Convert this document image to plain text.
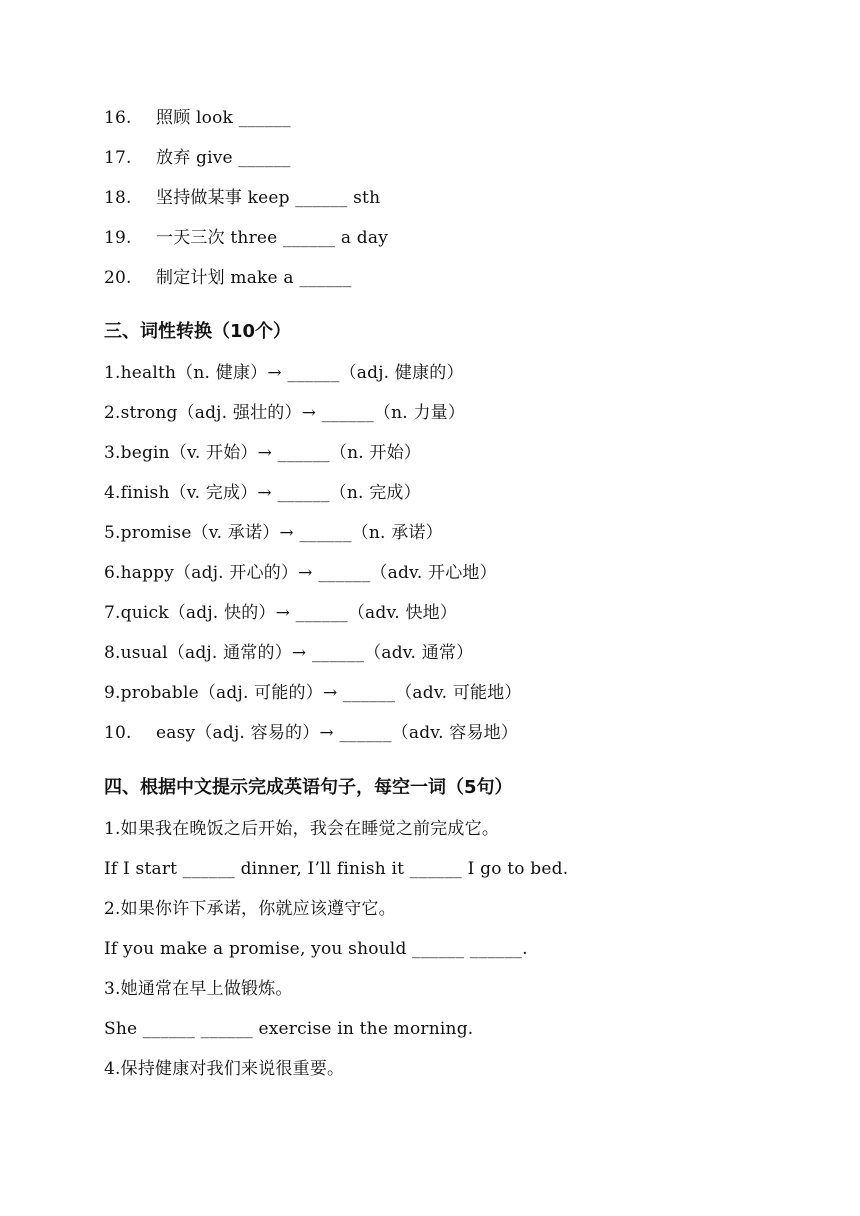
16. 照顾 look ______
17. 放弃 give ______
18. 坚持做某事 keep ______ sth
19. 一天三次 three ______ a day
20. 制定计划 make a ______
三、词性转换（10个）
1.health（n. 健康）→ ______（adj. 健康的）
2.strong（adj. 强壮的）→ ______（n. 力量）
3.begin（v. 开始）→ ______（n. 开始）
4.finish（v. 完成）→ ______（n. 完成）
5.promise（v. 承诺）→ ______（n. 承诺）
6.happy（adj. 开心的）→ ______（adv. 开心地）
7.quick（adj. 快的）→ ______（adv. 快地）
8.usual（adj. 通常的）→ ______（adv. 通常）
9.probable（adj. 可能的）→ ______（adv. 可能地）
10. easy（adj. 容易的）→ ______（adv. 容易地）
四、根据中文提示完成英语句子，每空一词（5句）
1.如果我在晚饭之后开始，我会在睡觉之前完成它。
If I start ______ dinner, I’ll finish it ______ I go to bed.
2.如果你许下承诺，你就应该遵守它。
If you make a promise, you should ______ ______.
3.她通常在早上做锻炼。
She ______ ______ exercise in the morning.
4.保持健康对我们来说很重要。
